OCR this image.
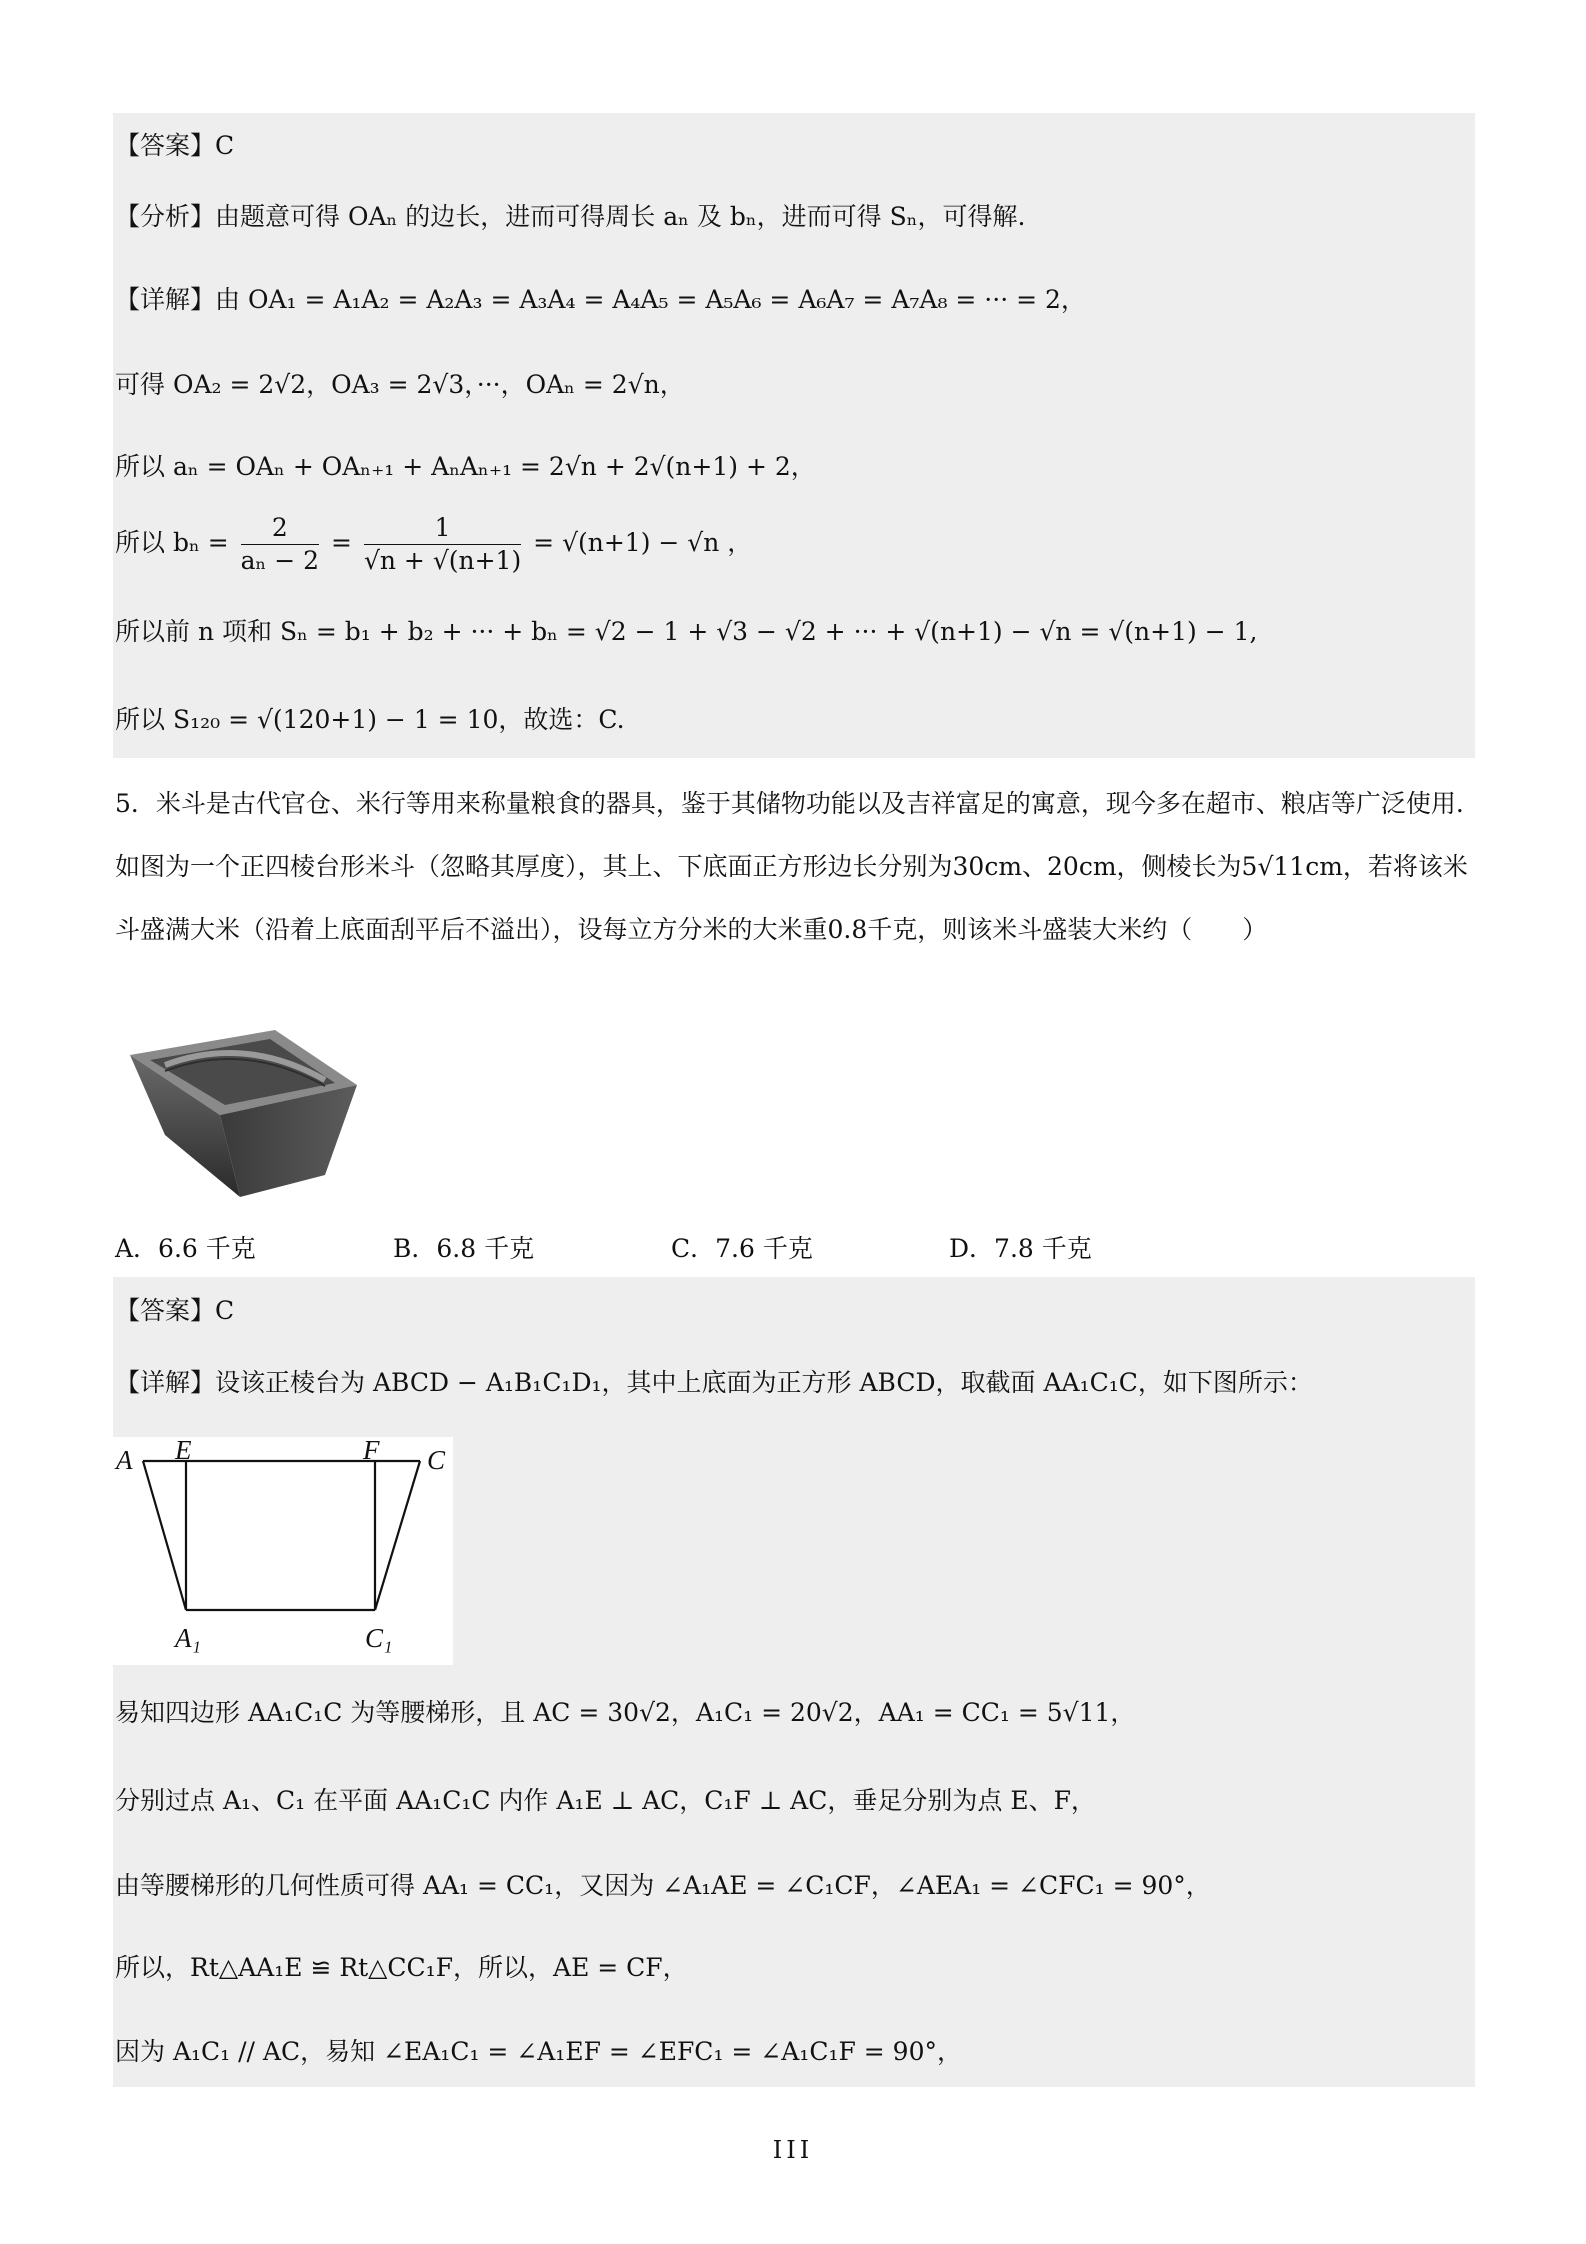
【答案】C
【分析】由题意可得 OAₙ 的边长，进而可得周长 aₙ 及 bₙ，进而可得 Sₙ，可得解.
【详解】由 OA₁ = A₁A₂ = A₂A₃ = A₃A₄ = A₄A₅ = A₅A₆ = A₆A₇ = A₇A₈ = ··· = 2，
可得 OA₂ = 2√2，OA₃ = 2√3，···，OAₙ = 2√n，
所以 aₙ = OAₙ + OAₙ₊₁ + AₙAₙ₊₁ = 2√n + 2√(n+1) + 2，
所以 $b_n = \frac{2}{\text{aₙ − 2}} = \frac{1}{√n + √(n+1)} = √(n+1) - √n$ ，
所以前 n 项和 Sₙ = b₁ + b₂ + ··· + bₙ = √2 − 1 + √3 − √2 + ··· + √(n+1) − √n = √(n+1) − 1,
所以 S₁₂₀ = √(120+1) − 1 = 10，故选：C.
5．米斗是古代官仓、米行等用来称量粮食的器具，鉴于其储物功能以及吉祥富足的寓意，现今多在超市、粮店等广泛使用.如图为一个正四棱台形米斗（忽略其厚度），其上、下底面正方形边长分别为30cm、20cm，侧棱长为5√11cm，若将该米斗盛满大米（沿着上底面刮平后不溢出），设每立方分米的大米重0.8千克，则该米斗盛装大米约（　　）
A．6.6 千克	B．6.8 千克	C．7.6 千克	D．7.8 千克
【答案】C
【详解】设该正棱台为 ABCD − A₁B₁C₁D₁，其中上底面为正方形 ABCD，取截面 AA₁C₁C，如下图所示：
A E	F C
A₁	C₁
易知四边形 AA₁C₁C 为等腰梯形，且 AC = 30√2，A₁C₁ = 20√2，AA₁ = CC₁ = 5√11，
分别过点 A₁、C₁ 在平面 AA₁C₁C 内作 A₁E ⊥ AC，C₁F ⊥ AC，垂足分别为点 E、F，
由等腰梯形的几何性质可得 AA₁ = CC₁，又因为 ∠A₁AE = ∠C₁CF，∠AEA₁ = ∠CFC₁ = 90°，
所以，Rt△AA₁E ≌ Rt△CC₁F，所以，AE = CF，
因为 A₁C₁ // AC，易知 ∠EA₁C₁ = ∠A₁EF = ∠EFC₁ = ∠A₁C₁F = 90°，
III
